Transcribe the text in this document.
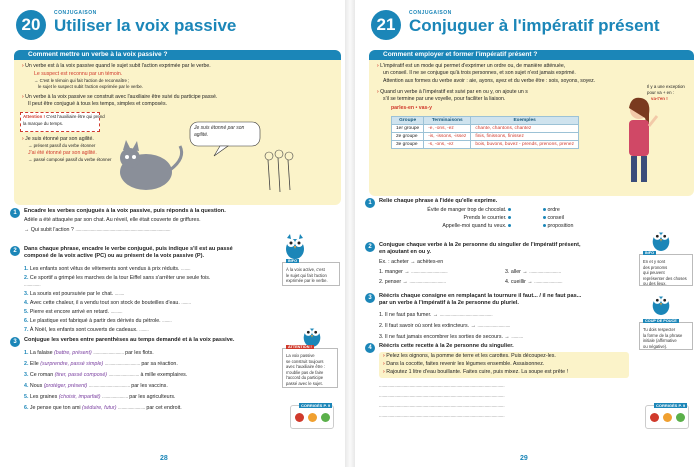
20
CONJUGAISON
Utiliser la voix passive
Comment mettre un verbe à la voix passive ?
› Un verbe est à la voix passive quand le sujet subit l'action exprimée par le verbe.
Le suspect est reconnu par un témoin.
→ C'est le témoin qui fait l'action de reconnaître ;
le sujet le suspect subit l'action exprimée par le verbe.
› Un verbe à la voix passive se construit avec l'auxiliaire être suivi du participe passé.
Il peut être conjugué à tous les temps, simples et composés.
Attention ! C'est l'auxiliaire être qui prend
la marque du temps.
› Je suis étonné par son agilité.
→ présent passif du verbe étonner
J'ai été étonné par son agilité.
→ passé composé passif du verbe étonner
Je suis étonné par son agilité.
1	Encadre les verbes conjugués à la voix passive, puis réponds à la question.
Adèle a été attaquée par son chat. Au réveil, elle était couverte de griffures.
→ Qui subit l'action ? .................................................................................
2	Dans chaque phrase, encadre le verbe conjugué, puis indique s'il est au passé
composé de la voix active (PC) ou au présent de la voix passive (P).
1. Les enfants sont vêtus de vêtements sont vendus à prix réduits. ........
2. Ce sportif a grimpé les marches de la tour Eiffel sans s'arrêter une seule fois.
..............
3. La souris est poursuivie par le chat. ........
4. Avec cette chaleur, il a vendu tout son stock de bouteilles d'eau. ........
5. Pierre est encore arrivé en retard. ..........
6. Le plastique est fabriqué à partir des dérivés du pétrole. ........
7. À Noël, les enfants sont couverts de cadeaux. ........
INFO
À la voix active, c'est
le sujet qui fait l'action
exprimée par le verbe.
3	Conjugue les verbes entre parenthèses au temps demandé et à la voix passive.
1. La falaise (battre, présent) .......................... par les flots.
2. Elle (surprendre, passé simple) .............................. par sa réaction.
3. Ce roman (tirer, passé composé) .......................... à mille exemplaires.
4. Nous (protéger, présent) ................................... par les vaccins.
5. Les graines (choisir, imparfait) ...................... par les agriculteurs.
6. Je pense que ton ami (séduire, futur) ....................... par cet endroit.
ATTENTION !
La voix passive
se construit toujours
avec l'auxiliaire être :
n'oublie pas de faire
l'accord du participe
passé avec le sujet.
CORRIGÉS P. 9
28
21
CONJUGAISON
Conjuguer à l'impératif présent
Comment employer et former l'impératif présent ?
› L'impératif est un mode qui permet d'exprimer un ordre ou, de manière atténuée,
un conseil. Il ne se conjugue qu'à trois personnes, et son sujet n'est jamais exprimé.
Attention aux formes du verbe avoir : aie, ayons, ayez et du verbe être : sois, soyons, soyez.
› Quand un verbe à l'impératif est suivi par en ou y, on ajoute un s
s'il se termine par une voyelle, pour faciliter la liaison.
parles-en • vas-y
Groupe	Terminaisons	Exemples
1er groupe	-e, -ons, -ez	chante, chantons, chantez
2e groupe	-is, -issons, -issez	finis, finissons, finissez
3e groupe	-s, -ons, -ez	bois, buvons, buvez - prends, prenons, prenez
Il y a une exception
pour va + en :
va-t'en !
1	Relie chaque phrase à l'idée qu'elle exprime.
Évite de manger trop de chocolat.
Prends le courrier.
Appelle-moi quand tu veux.
ordre
conseil
proposition
2	Conjugue chaque verbe à la 2e personne du singulier de l'impératif présent,
en ajoutant en ou y.
Ex. : acheter → achètes-en
1. manger → ...............................
2. penser → ...............................
3. aller → ...........................
4. cueillir → ........................
INFO
En et y sont
des pronoms
qui peuvent
représenter des choses
ou des lieux.
3	Réécris chaque consigne en remplaçant la tournure il faut... / il ne faut pas...
par un verbe à l'impératif à la 2e personne du pluriel.
1. Il ne faut pas fumer. → .............................................
2. Il faut savoir où sont les extincteurs. → ............................
3. Il ne faut jamais encombrer les sorties de secours. → ..........
COUP DE POUCE
Tu dois respecter
la forme de la phrase
initiale (affirmative
ou négative).
4	Réécris cette recette à la 2e personne du singulier.
› Pelez les oignons, la pomme de terre et les carottes. Puis découpez-les.
› Dans la cocotte, faites revenir les légumes ensemble. Assaisonnez.
› Rajoutez 1 litre d'eau bouillante. Faites cuire, puis mixez. La soupe est prête !
...........................................................................................................
...........................................................................................................
...........................................................................................................
...........................................................................................................
CORRIGÉS P. 9
29
